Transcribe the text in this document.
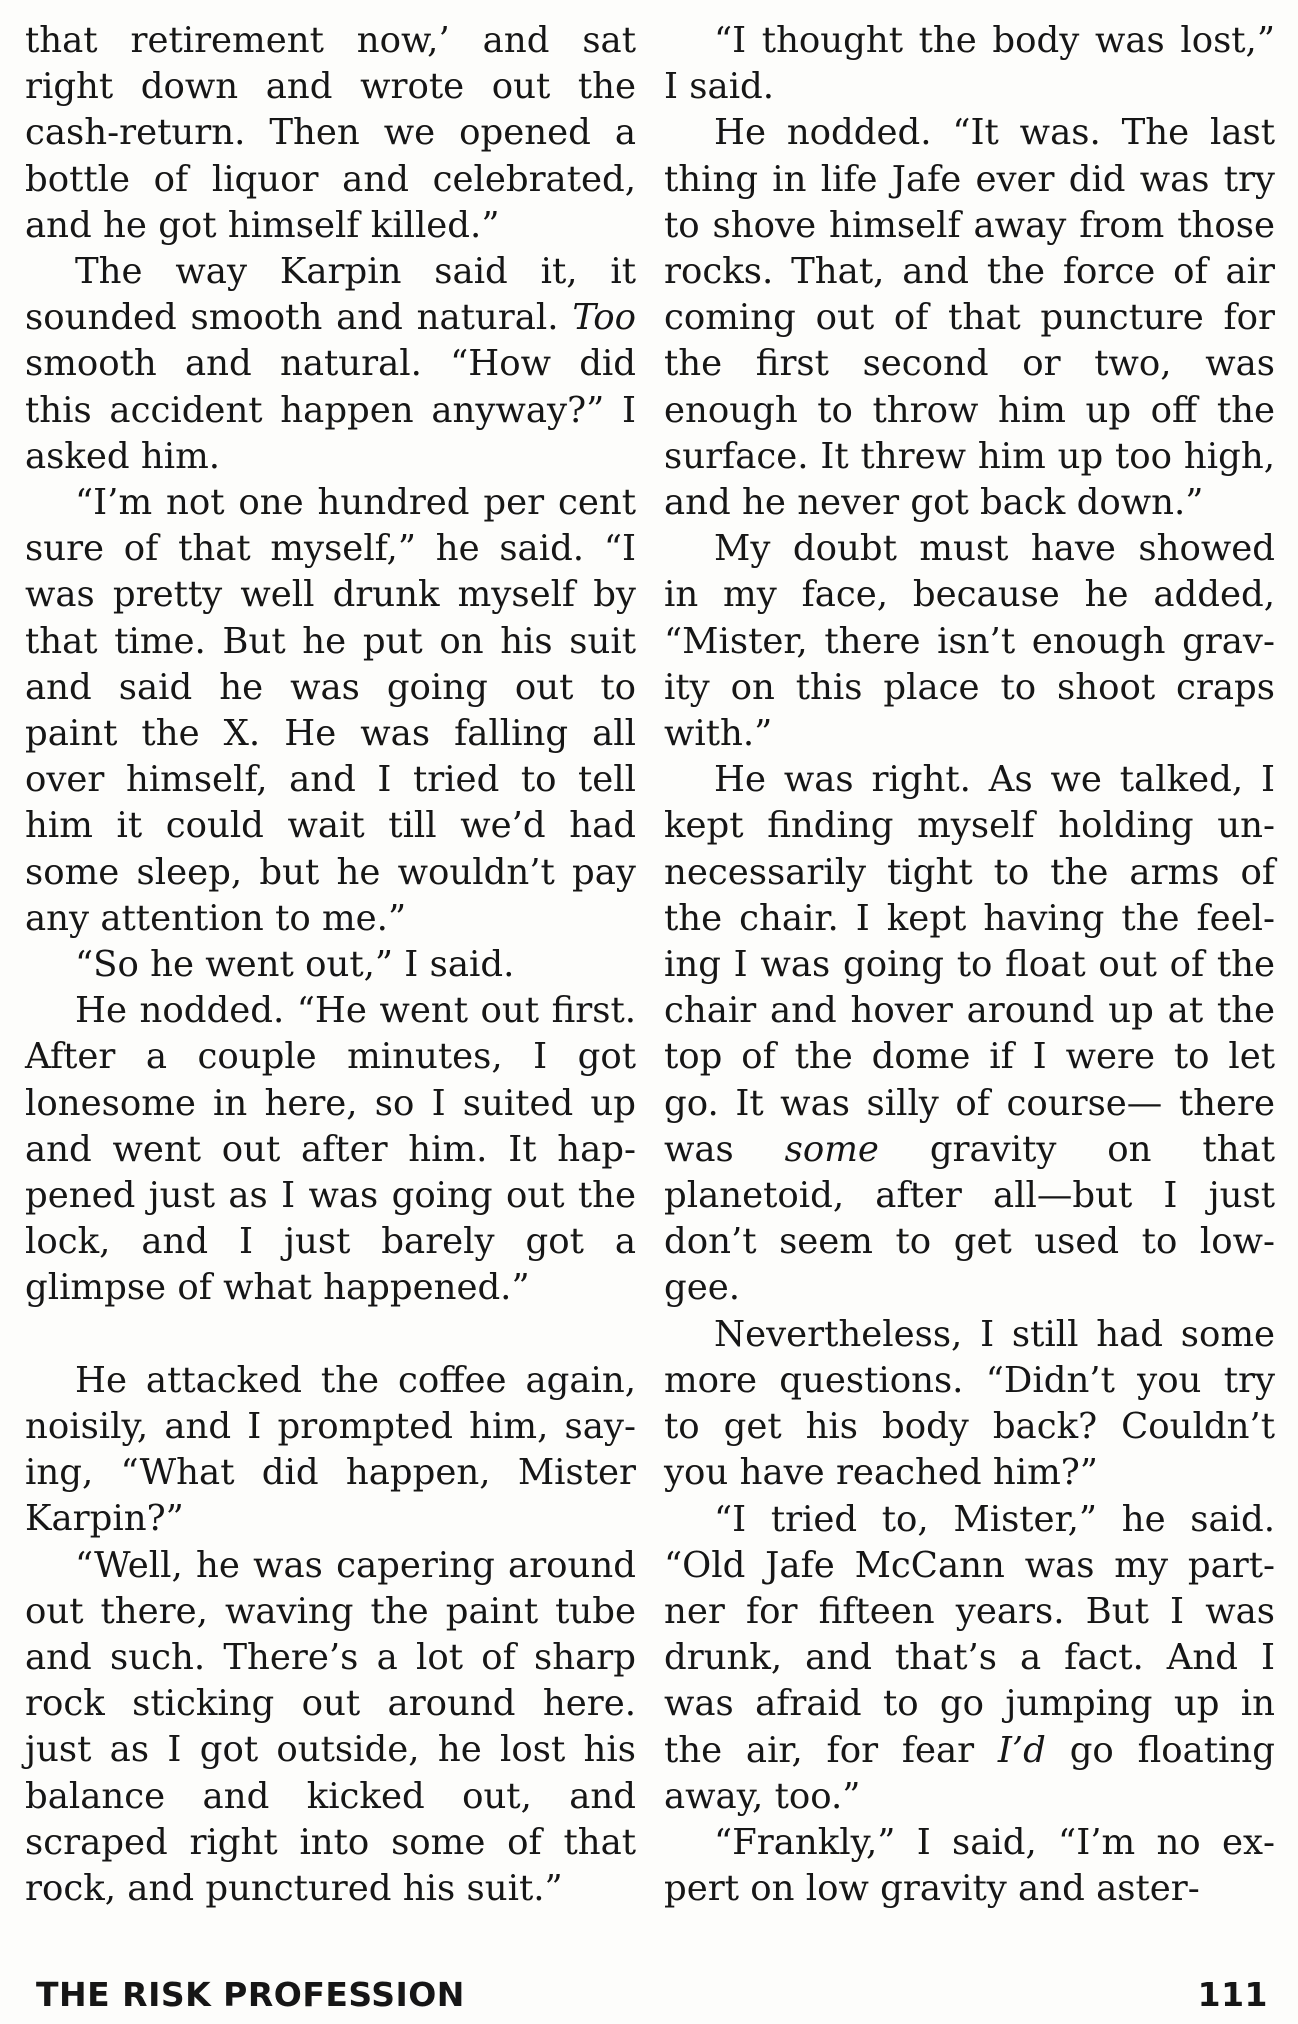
that retirement now,’ and sat right down and wrote out the cash-return. Then we opened a bottle of liquor and celebrated, and he got himself killed.”

The way Karpin said it, it sounded smooth and natural. Too smooth and natural. “How did this accident happen anyway?” I asked him.

“I’m not one hundred per cent sure of that myself,” he said. “I was pretty well drunk myself by that time. But he put on his suit and said he was going out to paint the X. He was falling all over himself, and I tried to tell him it could wait till we’d had some sleep, but he wouldn’t pay any attention to me.”

“So he went out,” I said.

He nodded. “He went out first. After a couple minutes, I got lonesome in here, so I suited up and went out after him. It happened just as I was going out the lock, and I just barely got a glimpse of what happened.”

He attacked the coffee again, noisily, and I prompted him, saying, “What did happen, Mister Karpin?”

“Well, he was capering around out there, waving the paint tube and such. There’s a lot of sharp rock sticking out around here. just as I got outside, he lost his balance and kicked out, and scraped right into some of that rock, and punctured his suit.”

“I thought the body was lost,” I said.

He nodded. “It was. The last thing in life Jafe ever did was try to shove himself away from those rocks. That, and the force of air coming out of that puncture for the first second or two, was enough to throw him up off the surface. It threw him up too high, and he never got back down.”

My doubt must have showed in my face, because he added, “Mister, there isn’t enough gravity on this place to shoot craps with.”

He was right. As we talked, I kept finding myself holding unnecessarily tight to the arms of the chair. I kept having the feeling I was going to float out of the chair and hover around up at the top of the dome if I were to let go. It was silly of course— there was some gravity on that planetoid, after all—but I just don’t seem to get used to low-gee.

Nevertheless, I still had some more questions. “Didn’t you try to get his body back? Couldn’t you have reached him?”

“I tried to, Mister,” he said. “Old Jafe McCann was my partner for fifteen years. But I was drunk, and that’s a fact. And I was afraid to go jumping up in the air, for fear I’d go floating away, too.”

“Frankly,” I said, “I’m no expert on low gravity and aster-

THE RISK PROFESSION	111
